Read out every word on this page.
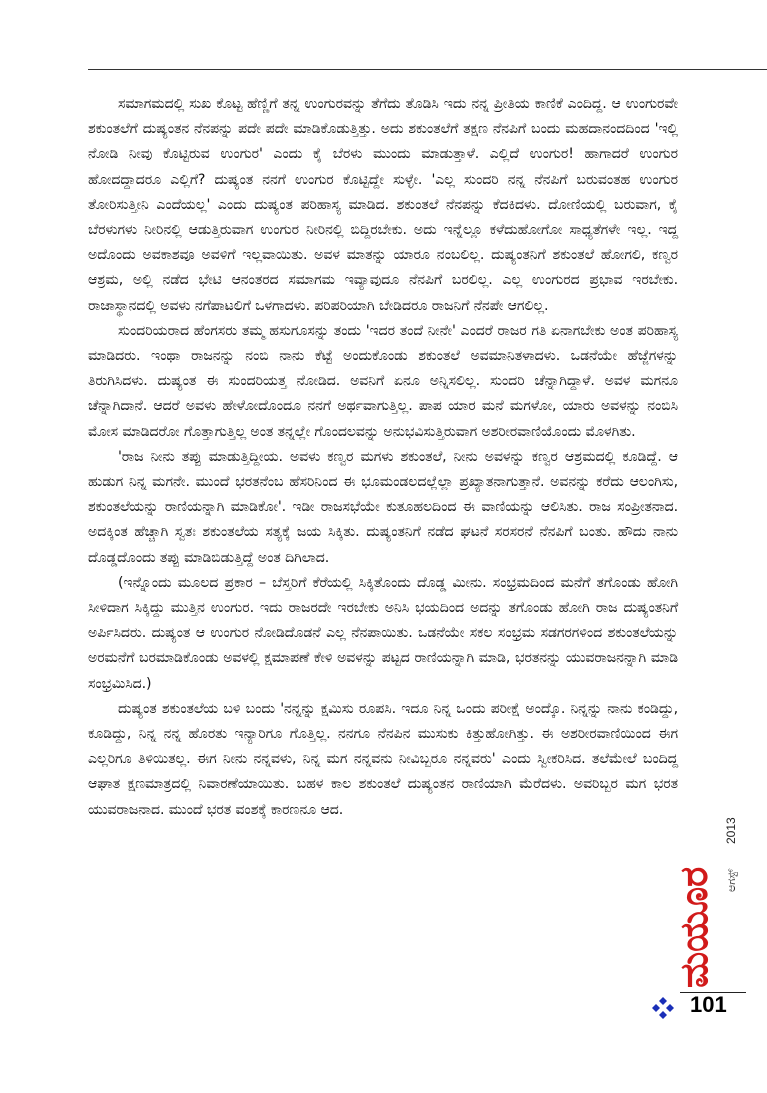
ಸಮಾಗಮದಲ್ಲಿ ಸುಖ ಕೊಟ್ಟ ಹೆಣ್ಣಿಗೆ ತನ್ನ ಉಂಗುರವನ್ನು ತೆಗೆದು ತೊಡಿಸಿ ಇದು ನನ್ನ ಪ್ರೀತಿಯ ಕಾಣಿಕೆ ಎಂದಿದ್ದ. ಆ ಉಂಗುರವೇ ಶಕುಂತಲೆಗೆ ದುಷ್ಯಂತನ ನೆನಪನ್ನು ಪದೇ ಪದೇ ಮಾಡಿಕೊಡುತ್ತಿತ್ತು. ಅದು ಶಕುಂತಲೆಗೆ ತಕ್ಷಣ ನೆನಪಿಗೆ ಬಂದು ಮಹದಾನಂದದಿಂದ 'ಇಲ್ಲಿ ನೋಡಿ ನೀವು ಕೊಟ್ಟಿರುವ ಉಂಗುರ' ಎಂದು ಕೈ ಬೆರಳು ಮುಂದು ಮಾಡುತ್ತಾಳೆ. ಎಲ್ಲಿದೆ ಉಂಗುರ! ಹಾಗಾದರೆ ಉಂಗುರ ಹೋದದ್ದಾದರೂ ಎಲ್ಲಿಗೆ? ದುಷ್ಯಂತ ನನಗೆ ಉಂಗುರ ಕೊಟ್ಟಿದ್ದೇ ಸುಳ್ಳೇ. 'ಎಲ್ಲ ಸುಂದರಿ ನನ್ನ ನೆನಪಿಗೆ ಬರುವಂತಹ ಉಂಗುರ ತೋರಿಸುತ್ತೀನಿ ಎಂದೆಯಲ್ಲ' ಎಂದು ದುಷ್ಯಂತ ಪರಿಹಾಸ್ಯ ಮಾಡಿದ. ಶಕುಂತಲೆ ನೆನಪನ್ನು ಕೆದಕಿದಳು. ದೋಣಿಯಲ್ಲಿ ಬರುವಾಗ, ಕೈ ಬೆರಳುಗಳು ನೀರಿನಲ್ಲಿ ಆಡುತ್ತಿರುವಾಗ ಉಂಗುರ ನೀರಿನಲ್ಲಿ ಬಿದ್ದಿರಬೇಕು. ಅದು ಇನ್ನೆಲ್ಲೂ ಕಳೆದುಹೋಗೋ ಸಾಧ್ಯತೆಗಳೇ ಇಲ್ಲ. ಇದ್ದ ಅದೊಂದು ಅವಕಾಶವೂ ಅವಳಿಗೆ ಇಲ್ಲವಾಯಿತು. ಅವಳ ಮಾತನ್ನು ಯಾರೂ ನಂಬಲಿಲ್ಲ. ದುಷ್ಯಂತನಿಗೆ ಶಕುಂತಲೆ ಹೋಗಲಿ, ಕಣ್ವರ ಆಶ್ರಮ, ಅಲ್ಲಿ ನಡೆದ ಭೇಟಿ ಆನಂತರದ ಸಮಾಗಮ ಇವ್ಯಾವುದೂ ನೆನಪಿಗೆ ಬರಲಿಲ್ಲ. ಎಲ್ಲ ಉಂಗುರದ ಪ್ರಭಾವ ಇರಬೇಕು. ರಾಜಾಸ್ಥಾನದಲ್ಲಿ ಅವಳು ನಗೆಪಾಟಲಿಗೆ ಒಳಗಾದಳು. ಪರಿಪರಿಯಾಗಿ ಬೇಡಿದರೂ ರಾಜನಿಗೆ ನೆನಪೇ ಆಗಲಿಲ್ಲ.

ಸುಂದರಿಯರಾದ ಹೆಂಗಸರು ತಮ್ಮ ಹಸುಗೂಸನ್ನು ತಂದು 'ಇದರ ತಂದೆ ನೀನೇ' ಎಂದರೆ ರಾಜರ ಗತಿ ಏನಾಗಬೇಕು ಅಂತ ಪರಿಹಾಸ್ಯ ಮಾಡಿದರು. ಇಂಥಾ ರಾಜನನ್ನು ನಂಬಿ ನಾನು ಕೆಟ್ಟೆ ಅಂದುಕೊಂಡು ಶಕುಂತಲೆ ಅವಮಾನಿತಳಾದಳು. ಒಡನೆಯೇ ಹೆಜ್ಜೆಗಳನ್ನು ತಿರುಗಿಸಿದಳು. ದುಷ್ಯಂತ ಈ ಸುಂದರಿಯತ್ತ ನೋಡಿದ. ಅವನಿಗೆ ಏನೂ ಅನ್ನಿಸಲಿಲ್ಲ. ಸುಂದರಿ ಚೆನ್ನಾಗಿದ್ದಾಳೆ. ಅವಳ ಮಗನೂ ಚೆನ್ನಾಗಿದಾನೆ. ಆದರೆ ಅವಳು ಹೇಳೋದೊಂದೂ ನನಗೆ ಅರ್ಥವಾಗುತ್ತಿಲ್ಲ. ಪಾಪ ಯಾರ ಮನೆ ಮಗಳೋ, ಯಾರು ಅವಳನ್ನು ನಂಬಿಸಿ ಮೋಸ ಮಾಡಿದರೋ ಗೊತ್ತಾಗುತ್ತಿಲ್ಲ ಅಂತ ತನ್ನಲ್ಲೇ ಗೊಂದಲವನ್ನು ಅನುಭವಿಸುತ್ತಿರುವಾಗ ಅಶರೀರವಾಣಿಯೊಂದು ಮೊಳಗಿತು.

'ರಾಜ ನೀನು ತಪ್ಪು ಮಾಡುತ್ತಿದ್ದೀಯ. ಅವಳು ಕಣ್ವರ ಮಗಳು ಶಕುಂತಲೆ, ನೀನು ಅವಳನ್ನು ಕಣ್ವರ ಆಶ್ರಮದಲ್ಲಿ ಕೂಡಿದ್ದೆ. ಆ ಹುಡುಗ ನಿನ್ನ ಮಗನೇ. ಮುಂದೆ ಭರತನೆಂಬ ಹೆಸರಿನಿಂದ ಈ ಭೂಮಂಡಲದಲ್ಲೆಲ್ಲಾ ಪ್ರಖ್ಯಾತನಾಗುತ್ತಾನೆ. ಅವನನ್ನು ಕರೆದು ಆಲಂಗಿಸು, ಶಕುಂತಲೆಯನ್ನು ರಾಣಿಯನ್ನಾಗಿ ಮಾಡಿಕೋ'. ಇಡೀ ರಾಜಸಭೆಯೇ ಕುತೂಹಲದಿಂದ ಈ ವಾಣಿಯನ್ನು ಆಲಿಸಿತು. ರಾಜ ಸಂಪ್ರೀತನಾದ. ಅದಕ್ಕಿಂತ ಹೆಚ್ಚಾಗಿ ಸ್ವತಃ ಶಕುಂತಲೆಯ ಸತ್ಯಕ್ಕೆ ಜಯ ಸಿಕ್ಕಿತು. ದುಷ್ಯಂತನಿಗೆ ನಡೆದ ಘಟನೆ ಸರಸರನೆ ನೆನಪಿಗೆ ಬಂತು. ಹೌದು ನಾನು ದೊಡ್ಡದೊಂದು ತಪ್ಪು ಮಾಡಿಬಿಡುತ್ತಿದ್ದೆ ಅಂತ ದಿಗಿಲಾದ.

(ಇನ್ನೊಂದು ಮೂಲದ ಪ್ರಕಾರ – ಬೆಸ್ತರಿಗೆ ಕೆರೆಯಲ್ಲಿ ಸಿಕ್ಕಿತೊಂದು ದೊಡ್ಡ ಮೀನು. ಸಂಭ್ರಮದಿಂದ ಮನೆಗೆ ತಗೊಂಡು ಹೋಗಿ ಸೀಳಿದಾಗ ಸಿಕ್ಕಿದ್ದು ಮುತ್ತಿನ ಉಂಗುರ. ಇದು ರಾಜರದೇ ಇರಬೇಕು ಅನಿಸಿ ಭಯದಿಂದ ಅದನ್ನು ತಗೊಂಡು ಹೋಗಿ ರಾಜ ದುಷ್ಯಂತನಿಗೆ ಅರ್ಪಿಸಿದರು. ದುಷ್ಯಂತ ಆ ಉಂಗುರ ನೋಡಿದೊಡನೆ ಎಲ್ಲ ನೆನಪಾಯಿತು. ಒಡನೆಯೇ ಸಕಲ ಸಂಭ್ರಮ ಸಡಗರಗಳಿಂದ ಶಕುಂತಲೆಯನ್ನು ಅರಮನೆಗೆ ಬರಮಾಡಿಕೊಂಡು ಅವಳಲ್ಲಿ ಕ್ಷಮಾಪಣೆ ಕೇಳಿ ಅವಳನ್ನು ಪಟ್ಟದ ರಾಣಿಯನ್ನಾಗಿ ಮಾಡಿ, ಭರತನನ್ನು ಯುವರಾಜನನ್ನಾಗಿ ಮಾಡಿ ಸಂಭ್ರಮಿಸಿದ.)

ದುಷ್ಯಂತ ಶಕುಂತಲೆಯ ಬಳಿ ಬಂದು 'ನನ್ನನ್ನು ಕ್ಷಮಿಸು ರೂಪಸಿ. ಇದೂ ನಿನ್ನ ಒಂದು ಪರೀಕ್ಷೆ ಅಂದ್ಕೊ. ನಿನ್ನನ್ನು ನಾನು ಕಂಡಿದ್ದು, ಕೂಡಿದ್ದು, ನಿನ್ನ ನನ್ನ ಹೊರತು ಇನ್ಯಾರಿಗೂ ಗೊತ್ತಿಲ್ಲ. ನನಗೂ ನೆನಪಿನ ಮುಸುಕು ಕಿತ್ತುಹೋಗಿತ್ತು. ಈ ಅಶರೀರವಾಣಿಯಿಂದ ಈಗ ಎಲ್ಲರಿಗೂ ತಿಳಿಯಿತಲ್ಲ. ಈಗ ನೀನು ನನ್ನವಳು, ನಿನ್ನ ಮಗ ನನ್ನವನು ನೀವಿಬ್ಬರೂ ನನ್ನವರು' ಎಂದು ಸ್ವೀಕರಿಸಿದ. ತಲೆಮೇಲೆ ಬಂದಿದ್ದ ಆಘಾತ ಕ್ಷಣಮಾತ್ರದಲ್ಲಿ ನಿವಾರಣೆಯಾಯಿತು. ಬಹಳ ಕಾಲ ಶಕುಂತಲೆ ದುಷ್ಯಂತನ ರಾಣಿಯಾಗಿ ಮೆರೆದಳು. ಅವರಿಬ್ಬರ ಮಗ ಭರತ ಯುವರಾಜನಾದ. ಮುಂದೆ ಭರತ ವಂಶಕ್ಕೆ ಕಾರಣನೂ ಆದ.

ಮಯೂರ ಆಗಸ್ಟ್
2013
101
